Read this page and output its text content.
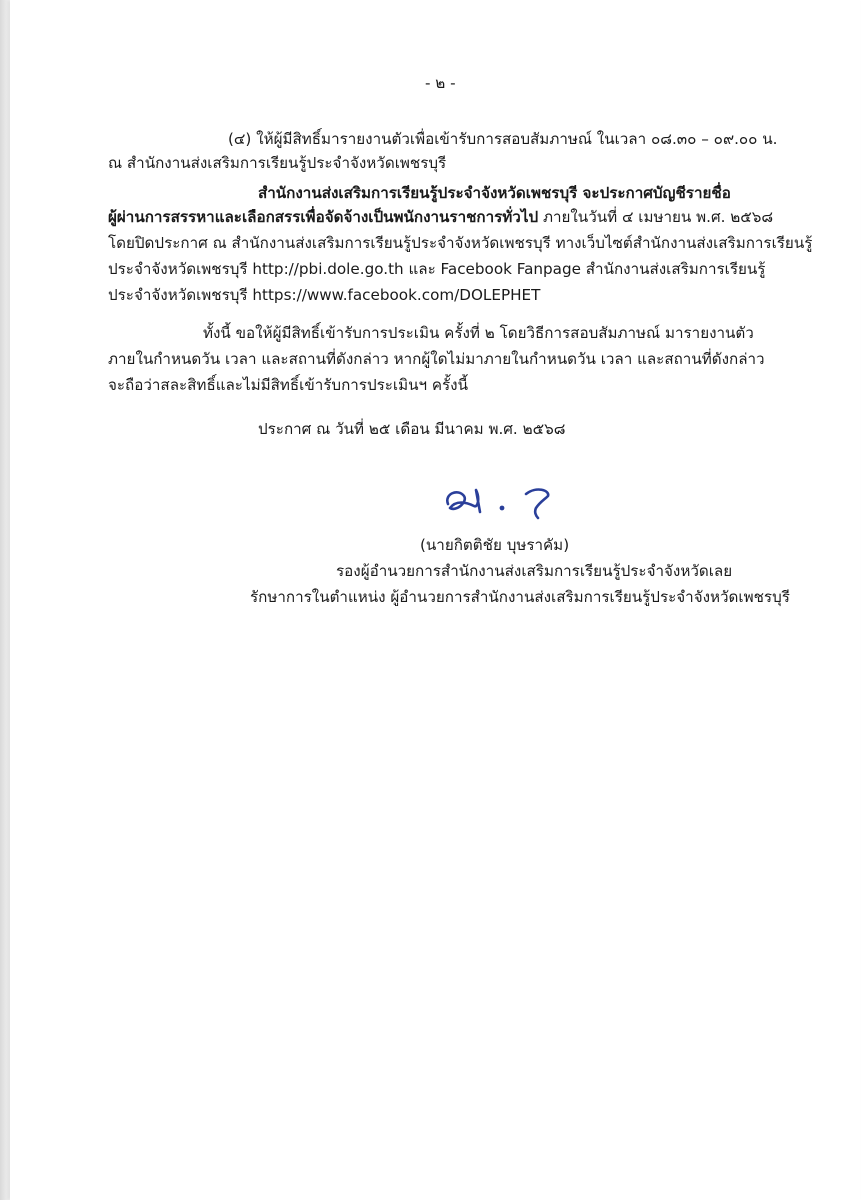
- ๒ -
(๔) ให้ผู้มีสิทธิ์มารายงานตัวเพื่อเข้ารับการสอบสัมภาษณ์ ในเวลา ๐๘.๓๐ – ๐๙.๐๐ น.
ณ สำนักงานส่งเสริมการเรียนรู้ประจำจังหวัดเพชรบุรี
สำนักงานส่งเสริมการเรียนรู้ประจำจังหวัดเพชรบุรี จะประกาศบัญชีรายชื่อ
ผู้ผ่านการสรรหาและเลือกสรรเพื่อจัดจ้างเป็นพนักงานราชการทั่วไป ภายในวันที่ ๔ เมษายน พ.ศ. ๒๕๖๘
โดยปิดประกาศ ณ สำนักงานส่งเสริมการเรียนรู้ประจำจังหวัดเพชรบุรี ทางเว็บไซต์สำนักงานส่งเสริมการเรียนรู้
ประจำจังหวัดเพชรบุรี http://pbi.dole.go.th และ Facebook Fanpage สำนักงานส่งเสริมการเรียนรู้
ประจำจังหวัดเพชรบุรี https://www.facebook.com/DOLEPHET
ทั้งนี้ ขอให้ผู้มีสิทธิ์เข้ารับการประเมิน ครั้งที่ ๒ โดยวิธีการสอบสัมภาษณ์ มารายงานตัว
ภายในกำหนดวัน เวลา และสถานที่ดังกล่าว หากผู้ใดไม่มาภายในกำหนดวัน เวลา และสถานที่ดังกล่าว
จะถือว่าสละสิทธิ์และไม่มีสิทธิ์เข้ารับการประเมินฯ ครั้งนี้
ประกาศ ณ วันที่ ๒๕ เดือน มีนาคม พ.ศ. ๒๕๖๘
(นายกิตติชัย บุษราคัม)
รองผู้อำนวยการสำนักงานส่งเสริมการเรียนรู้ประจำจังหวัดเลย
รักษาการในตำแหน่ง ผู้อำนวยการสำนักงานส่งเสริมการเรียนรู้ประจำจังหวัดเพชรบุรี
